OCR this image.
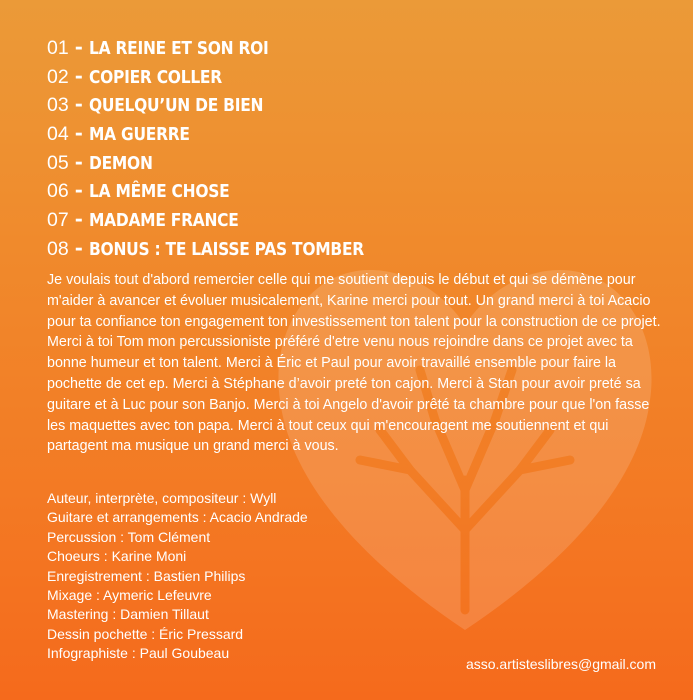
01 - LA REINE ET SON ROI
02 - COPIER COLLER
03 - QUELQU’UN DE BIEN
04 - MA GUERRE
05 - DEMON
06 - LA MÊME CHOSE
07 - MADAME FRANCE
08 - BONUS : TE LAISSE PAS TOMBER

Je voulais tout d'abord remercier celle qui me soutient depuis le début et qui se démène pour m'aider à avancer et évoluer musicalement, Karine merci pour tout. Un grand merci à toi Acacio pour ta confiance ton engagement ton investissement ton talent pour la construction de ce projet. Merci à toi Tom mon percussioniste préféré d'etre venu nous rejoindre dans ce projet avec ta bonne humeur et ton talent. Merci à Éric et Paul pour avoir travaillé ensemble pour faire la pochette de cet ep. Merci à Stéphane d’avoir preté ton cajon. Merci à Stan pour avoir preté sa guitare et à Luc pour son Banjo. Merci à toi Angelo d'avoir prêté ta chambre pour que l'on fasse les maquettes avec ton papa. Merci à tout ceux qui m'encouragent me soutiennent et qui partagent ma musique un grand merci à vous.

Auteur, interprète, compositeur : Wyll
Guitare et arrangements : Acacio Andrade
Percussion : Tom Clément
Choeurs : Karine Moni
Enregistrement : Bastien Philips
Mixage : Aymeric Lefeuvre
Mastering : Damien Tillaut
Dessin pochette : Éric Pressard
Infographiste : Paul Goubeau
asso.artisteslibres@gmail.com
